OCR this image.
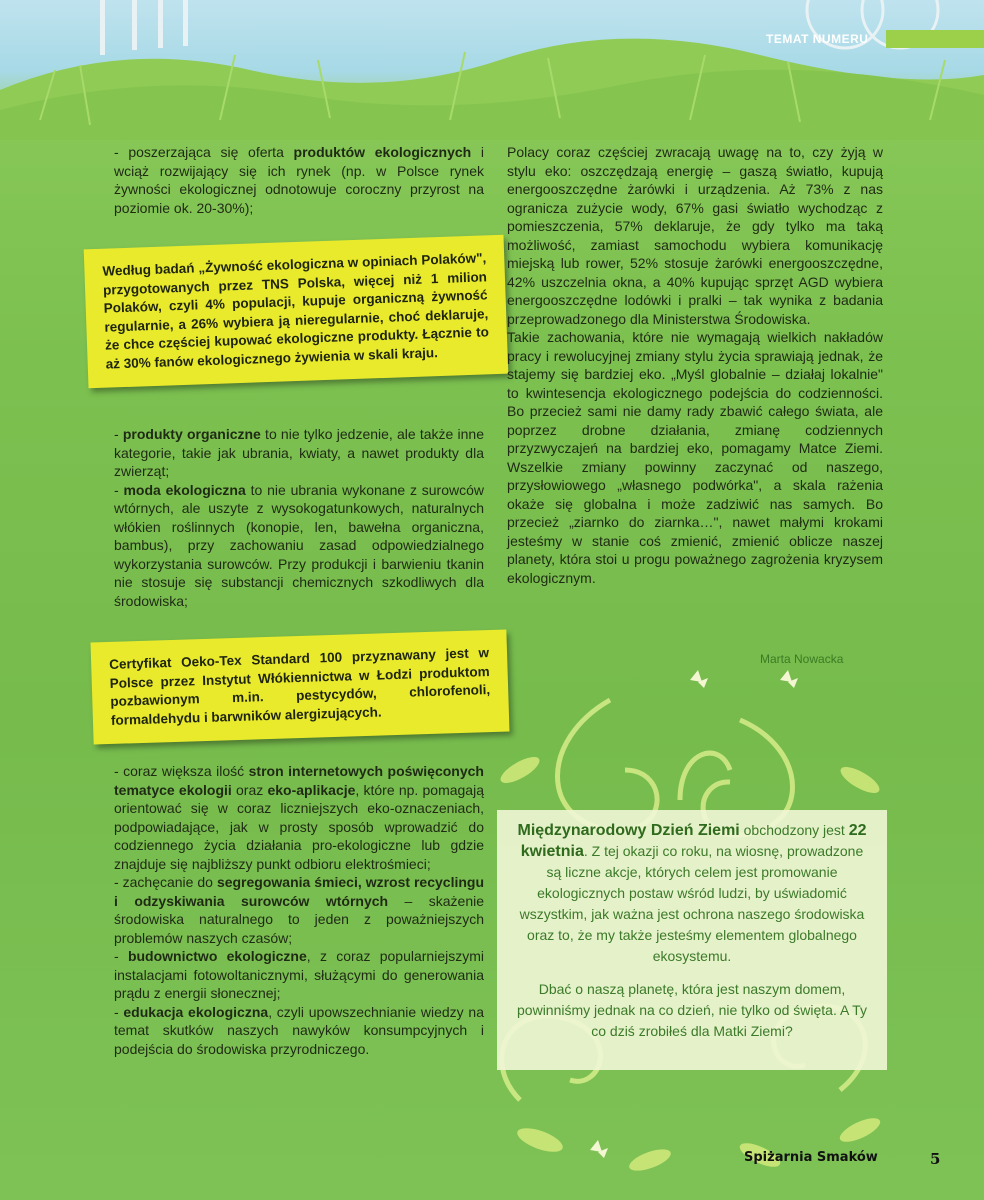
TEMAT NUMERU

- poszerzająca się oferta produktów ekologicznych i wciąż rozwijający się ich rynek (np. w Polsce rynek żywności ekologicznej odnotowuje coroczny przyrost na poziomie ok. 20-30%);

Według badań „Żywność ekologiczna w opiniach Polaków", przygotowanych przez TNS Polska, więcej niż 1 milion Polaków, czyli 4% populacji, kupuje organiczną żywność regularnie, a 26% wybiera ją nieregularnie, choć deklaruje, że chce częściej kupować ekologiczne produkty. Łącznie to aż 30% fanów ekologicznego żywienia w skali kraju.

- produkty organiczne to nie tylko jedzenie, ale także inne kategorie, takie jak ubrania, kwiaty, a nawet produkty dla zwierząt;

- moda ekologiczna to nie ubrania wykonane z surowców wtórnych, ale uszyte z wysokogatunkowych, naturalnych włókien roślinnych (konopie, len, bawełna organiczna, bambus), przy zachowaniu zasad odpowiedzialnego wykorzystania surowców. Przy produkcji i barwieniu tkanin nie stosuje się substancji chemicznych szkodliwych dla środowiska;

Certyfikat Oeko-Tex Standard 100 przyznawany jest w Polsce przez Instytut Włókiennictwa w Łodzi produktom pozbawionym m.in. pestycydów, chlorofenoli, formaldehydu i barwników alergizujących.

- coraz większa ilość stron internetowych poświęconych tematyce ekologii oraz eko-aplikacje, które np. pomagają orientować się w coraz liczniejszych eko-oznaczeniach, podpowiadające, jak w prosty sposób wprowadzić do codziennego życia działania pro-ekologiczne lub gdzie znajduje się najbliższy punkt odbioru elektrośmieci;

- zachęcanie do segregowania śmieci, wzrost recyclingu i odzyskiwania surowców wtórnych – skażenie środowiska naturalnego to jeden z poważniejszych problemów naszych czasów;

- budownictwo ekologiczne, z coraz popularniejszymi instalacjami fotowoltanicznymi, służącymi do generowania prądu z energii słonecznej;

- edukacja ekologiczna, czyli upowszechnianie wiedzy na temat skutków naszych nawyków konsumpcyjnych i podejścia do środowiska przyrodniczego.

Polacy coraz częściej zwracają uwagę na to, czy żyją w stylu eko: oszczędzają energię – gaszą światło, kupują energooszczędne żarówki i urządzenia. Aż 73% z nas ogranicza zużycie wody, 67% gasi światło wychodząc z pomieszczenia, 57% deklaruje, że gdy tylko ma taką możliwość, zamiast samochodu wybiera komunikację miejską lub rower, 52% stosuje żarówki energooszczędne, 42% uszczelnia okna, a 40% kupując sprzęt AGD wybiera energooszczędne lodówki i pralki – tak wynika z badania przeprowadzonego dla Ministerstwa Środowiska.

Takie zachowania, które nie wymagają wielkich nakładów pracy i rewolucyjnej zmiany stylu życia sprawiają jednak, że stajemy się bardziej eko. „Myśl globalnie – działaj lokalnie" to kwintesencja ekologicznego podejścia do codzienności. Bo przecież sami nie damy rady zbawić całego świata, ale poprzez drobne działania, zmianę codziennych przyzwyczajeń na bardziej eko, pomagamy Matce Ziemi. Wszelkie zmiany powinny zaczynać od naszego, przysłowiowego „własnego podwórka", a skala rażenia okaże się globalna i może zadziwić nas samych. Bo przecież „ziarnko do ziarnka…", nawet małymi krokami jesteśmy w stanie coś zmienić, zmienić oblicze naszej planety, która stoi u progu poważnego zagrożenia kryzysem ekologicznym.

Marta Nowacka

Międzynarodowy Dzień Ziemi obchodzony jest 22 kwietnia. Z tej okazji co roku, na wiosnę, prowadzone są liczne akcje, których celem jest promowanie ekologicznych postaw wśród ludzi, by uświadomić wszystkim, jak ważna jest ochrona naszego środowiska oraz to, że my także jesteśmy elementem globalnego ekosystemu.

Dbać o naszą planetę, która jest naszym domem, powinniśmy jednak na co dzień, nie tylko od święta. A Ty co dziś zrobiłeś dla Matki Ziemi?

Spiżarnia Smaków	5
